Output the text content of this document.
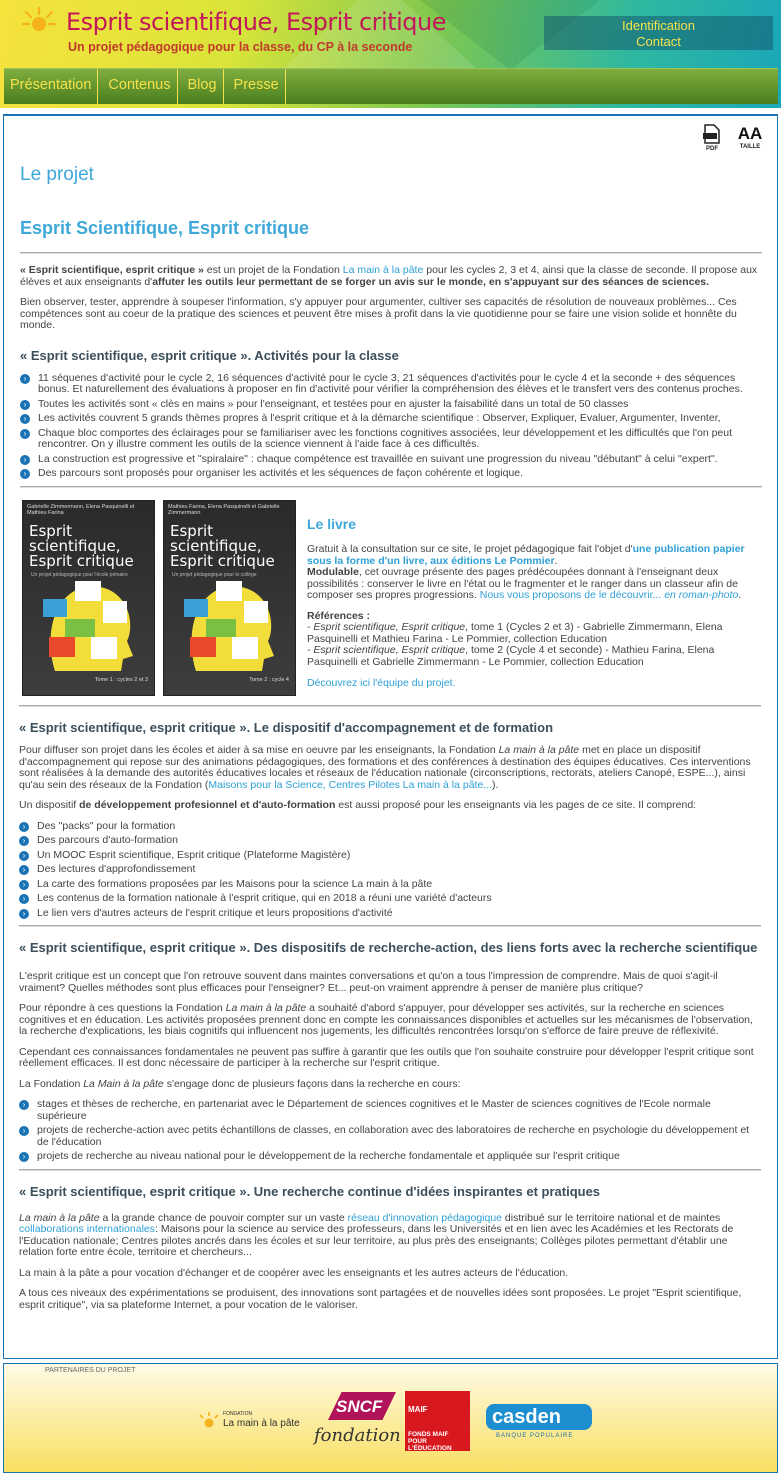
Esprit scientifique, Esprit critique
Un projet pédagogique pour la classe, du CP à la seconde
Identification
Contact
Présentation	Contenus	Blog	Presse
PDF
AA
TAILLE
Le projet
Esprit Scientifique, Esprit critique

« Esprit scientifique, esprit critique » est un projet de la Fondation La main à la pâte pour les cycles 2, 3 et 4, ainsi que la classe de seconde. Il propose aux élèves et aux enseignants d'affuter les outils leur permettant de se forger un avis sur le monde, en s'appuyant sur des séances de sciences.

Bien observer, tester, apprendre à soupeser l'information, s'y appuyer pour argumenter, cultiver ses capacités de résolution de nouveaux problèmes... Ces compétences sont au coeur de la pratique des sciences et peuvent être mises à profit dans la vie quotidienne pour se faire une vision solide et honnête du monde.

« Esprit scientifique, esprit critique ». Activités pour la classe
›	11 séquenes d'activité pour le cycle 2, 16 séquences d'activité pour le cycle 3, 21 séquences d'activités pour le cycle 4 et la seconde + des séquences bonus. Et naturellement des évaluations à proposer en fin d'activité pour vérifier la compréhension des élèves et le transfert vers des contenus proches.
›	Toutes les activités sont « clès en mains » pour l'enseignant, et testées pour en ajuster la faisabilité dans un total de 50 classes
›	Les activités couvrent 5 grands thèmes propres à l'esprit critique et à la démarche scientifique : Observer, Expliquer, Evaluer, Argumenter, Inventer,
›	Chaque bloc comportes des éclairages pour se familiariser avec les fonctions cognitives associées, leur développement et les difficultés que l'on peut rencontrer. On y illustre comment les outils de la science viennent à l'aide face à ces difficultés.
›	La construction est progressive et "spiralaire" : chaque compétence est travaillée en suivant une progression du niveau "débutant" à celui "expert".
›	Des parcours sont proposés pour organiser les activités et les séquences de façon cohérente et logique.
Gabrielle Zimmermann, Elena Pasquinelli et Mathieu Farina
Esprit scientifique, Esprit critique
Un projet pédagogique pour l'école primaire
Tome 1 : cycles 2 et 3
Mathieu Farina, Elena Pasquinelli et Gabrielle Zimmermann
Esprit scientifique, Esprit critique
Un projet pédagogique pour le collège
Tome 2 : cycle 4
Le livre

Gratuit à la consultation sur ce site, le projet pédagogique fait l'objet d'une publication papier sous la forme d'un livre, aux éditions Le Pommier.

Modulable, cet ouvrage présente des pages prédécoupées donnant à l'enseignant deux possibilités : conserver le livre en l'état ou le fragmenter et le ranger dans un classeur afin de composer ses propres progressions. Nous vous proposons de le découvrir... en roman-photo.

Références :

- Esprit scientifique, Esprit critique, tome 1 (Cycles 2 et 3) - Gabrielle Zimmermann, Elena Pasquinelli et Mathieu Farina - Le Pommier, collection Education

- Esprit scientifique, Esprit critique, tome 2 (Cycle 4 et seconde) - Mathieu Farina, Elena Pasquinelli et Gabrielle Zimmermann - Le Pommier, collection Education

Découvrez ici l'équipe du projet.
« Esprit scientifique, esprit critique ». Le dispositif d'accompagnement et de formation

Pour diffuser son projet dans les écoles et aider à sa mise en oeuvre par les enseignants, la Fondation La main à la pâte met en place un dispositif d'accompagnement qui repose sur des animations pédagogiques, des formations et des conférences à destination des équipes éducatives. Ces interventions sont réalisées à la demande des autorités éducatives locales et réseaux de l'éducation nationale (circonscriptions, rectorats, ateliers Canopé, ESPE...), ainsi qu'au sein des réseaux de la Fondation (Maisons pour la Science, Centres Pilotes La main à la pâte...).

Un dispositif de développement profesionnel et d'auto-formation est aussi proposé pour les enseignants via les pages de ce site. Il comprend:

›	Des "packs" pour la formation
›	Des parcours d'auto-formation
›	Un MOOC Esprit scientifique, Esprit critique (Plateforme Magistère)
›	Des lectures d'approfondissement
›	La carte des formations proposées par les Maisons pour la science La main à la pâte
›	Les contenus de la formation nationale à l'esprit critique, qui en 2018 a réuni une variété d'acteurs
›	Le lien vers d'autres acteurs de l'esprit critique et leurs propositions d'activité
« Esprit scientifique, esprit critique ». Des dispositifs de recherche-action, des liens forts avec la recherche scientifique

L'esprit critique est un concept que l'on retrouve souvent dans maintes conversations et qu'on a tous l'impression de comprendre. Mais de quoi s'agit-il vraiment? Quelles méthodes sont plus efficaces pour l'enseigner? Et... peut-on vraiment apprendre à penser de manière plus critique?

Pour répondre à ces questions la Fondation La main à la pâte a souhaité d'abord s'appuyer, pour développer ses activités, sur la recherche en sciences cognitives et en éducation. Les activités proposées prennent donc en compte les connaissances disponibles et actuelles sur les mécanismes de l'observation, la recherche d'explications, les biais cognitifs qui influencent nos jugements, les difficultés rencontrées lorsqu'on s'efforce de faire preuve de réflexivité.

Cependant ces connaissances fondamentales ne peuvent pas suffire à garantir que les outils que l'on souhaite construire pour développer l'esprit critique sont réellement efficaces. Il est donc nécessaire de participer à la recherche sur l'esprit critique.

La Fondation La Main à la pâte s'engage donc de plusieurs façons dans la recherche en cours:

›	stages et thèses de recherche, en partenariat avec le Département de sciences cognitives et le Master de sciences cognitives de l'Ecole normale supérieure
›	projets de recherche-action avec petits échantillons de classes, en collaboration avec des laboratoires de recherche en psychologie du développement et de l'éducation
›	projets de recherche au niveau national pour le développement de la recherche fondamentale et appliquée sur l'esprit critique
« Esprit scientifique, esprit critique ». Une recherche continue d'idées inspirantes et pratiques

La main à la pâte a la grande chance de pouvoir compter sur un vaste réseau d'innovation pédagogique distribué sur le territoire national et de maintes collaborations internationales: Maisons pour la science au service des professeurs, dans les Universités et en lien avec les Académies et les Rectorats de l'Education nationale; Centres pilotes ancrés dans les écoles et sur leur territoire, au plus près des enseignants; Collèges pilotes permettant d'établir une relation forte entre école, territoire et chercheurs...

La main à la pâte a pour vocation d'échanger et de coopérer avec les enseignants et les autres acteurs de l'éducation.

A tous ces niveaux des expérimentations se produisent, des innovations sont partagées et de nouvelles idées sont proposées. Le projet "Esprit scientifique, esprit critique", via sa plateforme Internet, a pour vocation de le valoriser.

PARTENAIRES DU PROJET
FONDATION
La main à la pâte
SNCF
fondation
MAIF
FONDS MAIF POUR L'ÉDUCATION
casden
BANQUE POPULAIRE
